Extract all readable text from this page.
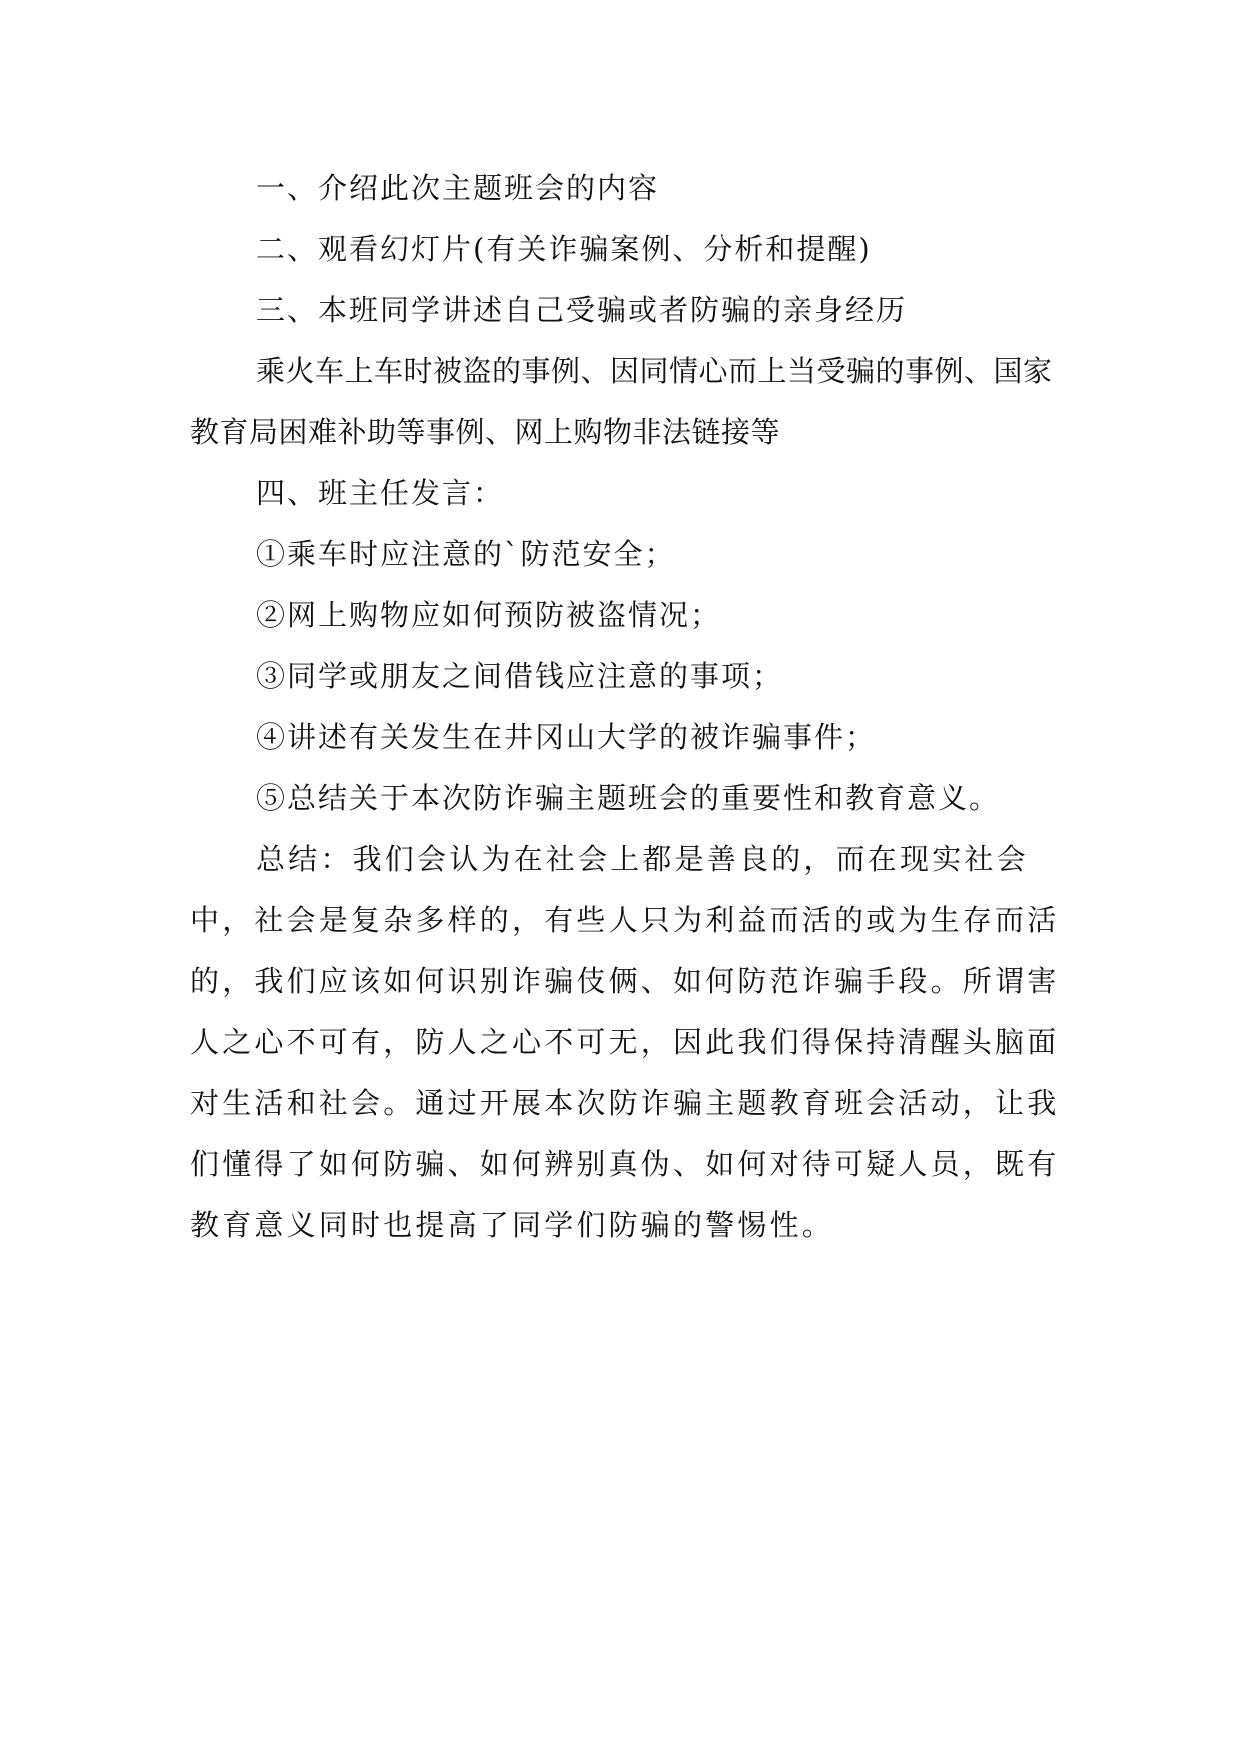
一、介绍此次主题班会的内容

二、观看幻灯片(有关诈骗案例、分析和提醒)

三、本班同学讲述自己受骗或者防骗的亲身经历

乘火车上车时被盗的事例、因同情心而上当受骗的事例、国家教育局困难补助等事例、网上购物非法链接等

四、班主任发言：

①乘车时应注意的`防范安全；

②网上购物应如何预防被盗情况；

③同学或朋友之间借钱应注意的事项；

④讲述有关发生在井冈山大学的被诈骗事件；

⑤总结关于本次防诈骗主题班会的重要性和教育意义。

总结：我们会认为在社会上都是善良的，而在现实社会中，社会是复杂多样的，有些人只为利益而活的或为生存而活的，我们应该如何识别诈骗伎俩、如何防范诈骗手段。所谓害人之心不可有，防人之心不可无，因此我们得保持清醒头脑面对生活和社会。通过开展本次防诈骗主题教育班会活动，让我们懂得了如何防骗、如何辨别真伪、如何对待可疑人员，既有教育意义同时也提高了同学们防骗的警惕性。
